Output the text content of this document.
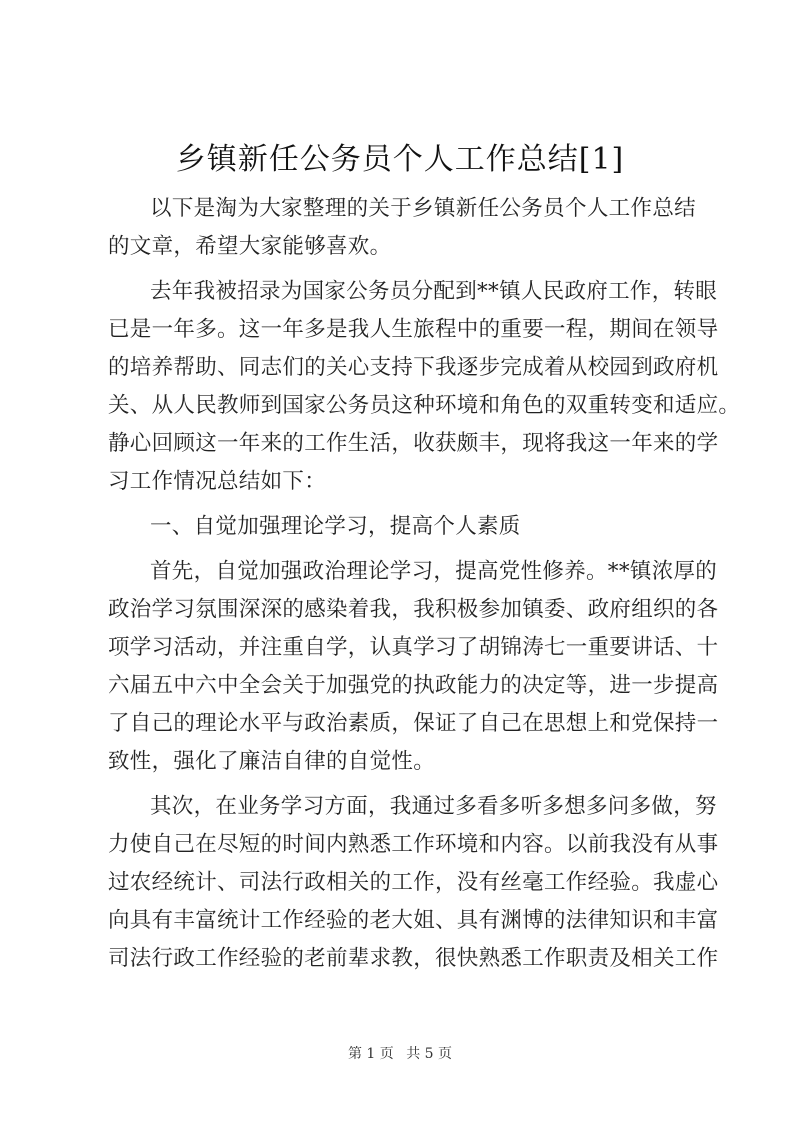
乡镇新任公务员个人工作总结[1]
以下是淘为大家整理的关于乡镇新任公务员个人工作总结
的文章，希望大家能够喜欢。
去年我被招录为国家公务员分配到**镇人民政府工作，转眼
已是一年多。这一年多是我人生旅程中的重要一程，期间在领导
的培养帮助、同志们的关心支持下我逐步完成着从校园到政府机
关、从人民教师到国家公务员这种环境和角色的双重转变和适应。
静心回顾这一年来的工作生活，收获颇丰，现将我这一年来的学
习工作情况总结如下：
一、自觉加强理论学习，提高个人素质
首先，自觉加强政治理论学习，提高党性修养。**镇浓厚的
政治学习氛围深深的感染着我，我积极参加镇委、政府组织的各
项学习活动，并注重自学，认真学习了胡锦涛七一重要讲话、十
六届五中六中全会关于加强党的执政能力的决定等，进一步提高
了自己的理论水平与政治素质，保证了自己在思想上和党保持一
致性，强化了廉洁自律的自觉性。
其次，在业务学习方面，我通过多看多听多想多问多做，努
力使自己在尽短的时间内熟悉工作环境和内容。以前我没有从事
过农经统计、司法行政相关的工作，没有丝毫工作经验。我虚心
向具有丰富统计工作经验的老大姐、具有渊博的法律知识和丰富
司法行政工作经验的老前辈求教，很快熟悉工作职责及相关工作
第 1 页 共 5 页
